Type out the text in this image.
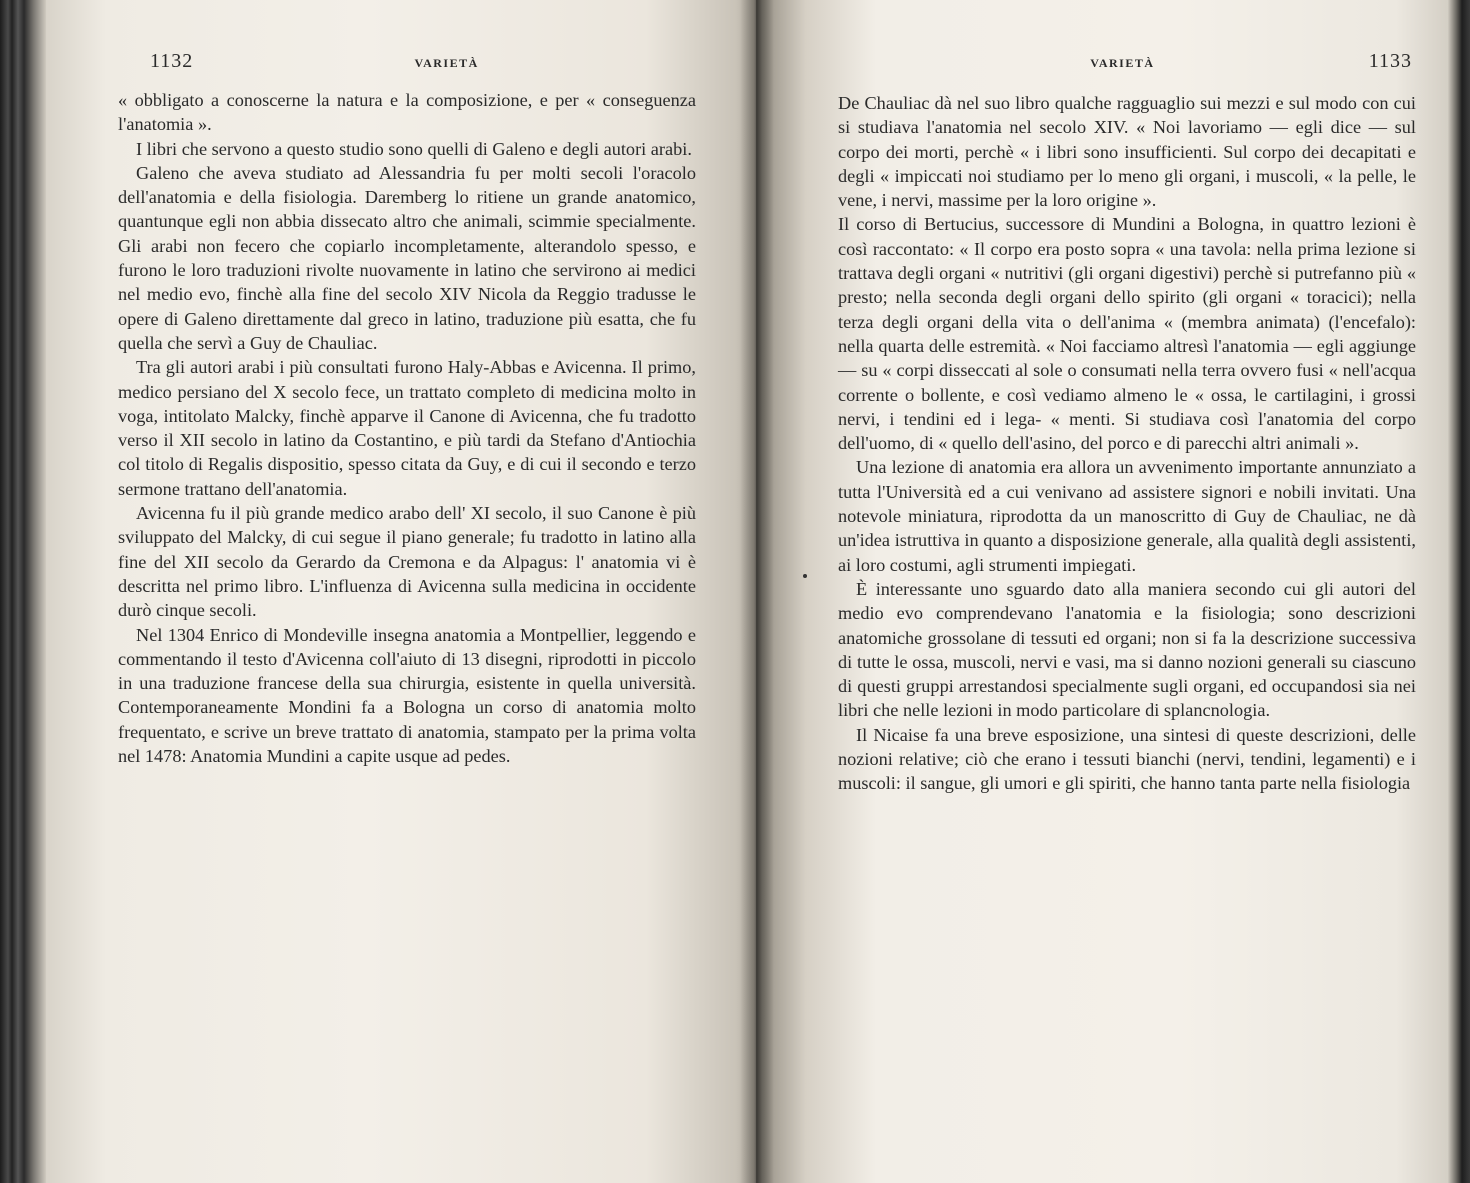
1132	VARIETÀ

« obbligato a conoscerne la natura e la composizione, e per « conseguenza l'anatomia ».

I libri che servono a questo studio sono quelli di Galeno e degli autori arabi.

Galeno che aveva studiato ad Alessandria fu per molti secoli l'oracolo dell'anatomia e della fisiologia. Daremberg lo ritiene un grande anatomico, quantunque egli non abbia dissecato altro che animali, scimmie specialmente. Gli arabi non fecero che copiarlo incompletamente, alterandolo spesso, e furono le loro traduzioni rivolte nuovamente in latino che servirono ai medici nel medio evo, finchè alla fine del secolo XIV Nicola da Reggio tradusse le opere di Galeno direttamente dal greco in latino, traduzione più esatta, che fu quella che servì a Guy de Chauliac.

Tra gli autori arabi i più consultati furono Haly-Abbas e Avicenna. Il primo, medico persiano del X secolo fece, un trattato completo di medicina molto in voga, intitolato Malcky, finchè apparve il Canone di Avicenna, che fu tradotto verso il XII secolo in latino da Costantino, e più tardi da Stefano d'Antiochia col titolo di Regalis dispositio, spesso citata da Guy, e di cui il secondo e terzo sermone trattano dell'anatomia.

Avicenna fu il più grande medico arabo dell' XI secolo, il suo Canone è più sviluppato del Malcky, di cui segue il piano generale; fu tradotto in latino alla fine del XII secolo da Gerardo da Cremona e da Alpagus: l' anatomia vi è descritta nel primo libro. L'influenza di Avicenna sulla medicina in occidente durò cinque secoli.

Nel 1304 Enrico di Mondeville insegna anatomia a Montpellier, leggendo e commentando il testo d'Avicenna coll'aiuto di 13 disegni, riprodotti in piccolo in una traduzione francese della sua chirurgia, esistente in quella università. Contemporaneamente Mondini fa a Bologna un corso di anatomia molto frequentato, e scrive un breve trattato di anatomia, stampato per la prima volta nel 1478: Anatomia Mundini a capite usque ad pedes.

VARIETÀ	1133

De Chauliac dà nel suo libro qualche ragguaglio sui mezzi e sul modo con cui si studiava l'anatomia nel secolo XIV. « Noi lavoriamo — egli dice — sul corpo dei morti, perchè « i libri sono insufficienti. Sul corpo dei decapitati e degli « impiccati noi studiamo per lo meno gli organi, i muscoli, « la pelle, le vene, i nervi, massime per la loro origine ».

Il corso di Bertucius, successore di Mundini a Bologna, in quattro lezioni è così raccontato: « Il corpo era posto sopra « una tavola: nella prima lezione si trattava degli organi « nutritivi (gli organi digestivi) perchè si putrefanno più « presto; nella seconda degli organi dello spirito (gli organi « toracici); nella terza degli organi della vita o dell'anima « (membra animata) (l'encefalo): nella quarta delle estremità. « Noi facciamo altresì l'anatomia — egli aggiunge — su « corpi disseccati al sole o consumati nella terra ovvero fusi « nell'acqua corrente o bollente, e così vediamo almeno le « ossa, le cartilagini, i grossi nervi, i tendini ed i lega- « menti. Si studiava così l'anatomia del corpo dell'uomo, di « quello dell'asino, del porco e di parecchi altri animali ».

Una lezione di anatomia era allora un avvenimento importante annunziato a tutta l'Università ed a cui venivano ad assistere signori e nobili invitati. Una notevole miniatura, riprodotta da un manoscritto di Guy de Chauliac, ne dà un'idea istruttiva in quanto a disposizione generale, alla qualità degli assistenti, ai loro costumi, agli strumenti impiegati.

È interessante uno sguardo dato alla maniera secondo cui gli autori del medio evo comprendevano l'anatomia e la fisiologia; sono descrizioni anatomiche grossolane di tessuti ed organi; non si fa la descrizione successiva di tutte le ossa, muscoli, nervi e vasi, ma si danno nozioni generali su ciascuno di questi gruppi arrestandosi specialmente sugli organi, ed occupandosi sia nei libri che nelle lezioni in modo particolare di splancnologia.

Il Nicaise fa una breve esposizione, una sintesi di queste descrizioni, delle nozioni relative; ciò che erano i tessuti bianchi (nervi, tendini, legamenti) e i muscoli: il sangue, gli umori e gli spiriti, che hanno tanta parte nella fisiologia
